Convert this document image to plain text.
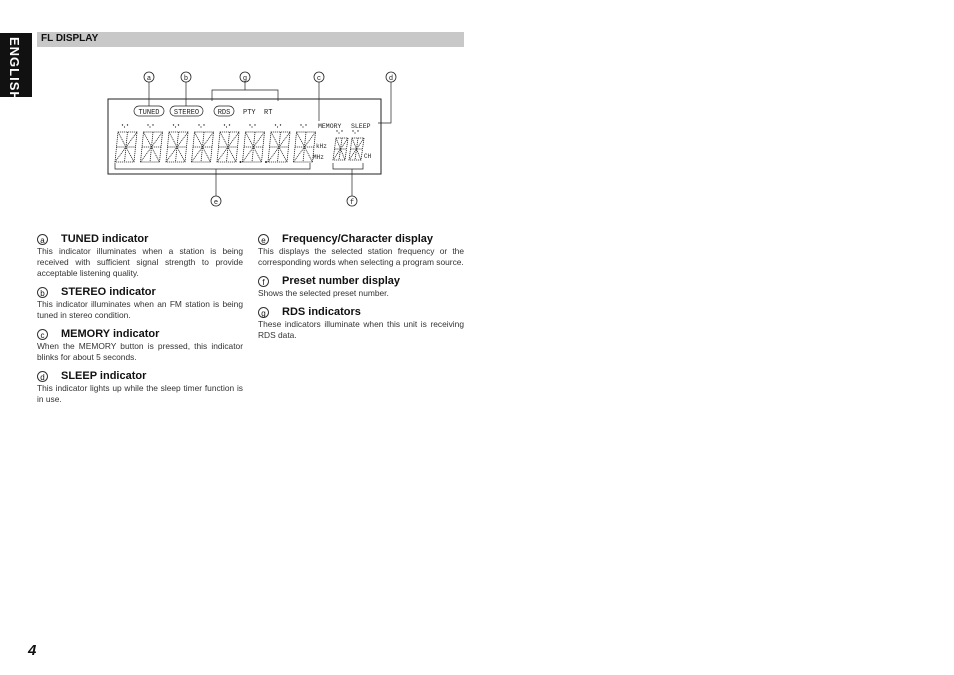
ENGLISH FL DISPLAY
a	b	g	c	d
e	f
TUNED STEREO	RDS PTY RT
MEMORY SLEEP
kHz
MHz	CH
a TUNED indicator
This indicator illuminates when a station is being received with sufficient signal strength to provide acceptable listening quality.
b STEREO indicator
This indicator illuminates when an FM station is being tuned in stereo condition.
c	MEMORY indicator
When the MEMORY button is pressed, this indicator blinks for about 5 seconds.
d SLEEP indicator
This indicator lights up while the sleep timer function is in use.
e Frequency/Character display
This displays the selected station frequency or the corresponding words when selecting a program source.
f	Preset number display
Shows the selected preset number.
g RDS indicators
These indicators illuminate when this unit is receiving RDS data.
4
